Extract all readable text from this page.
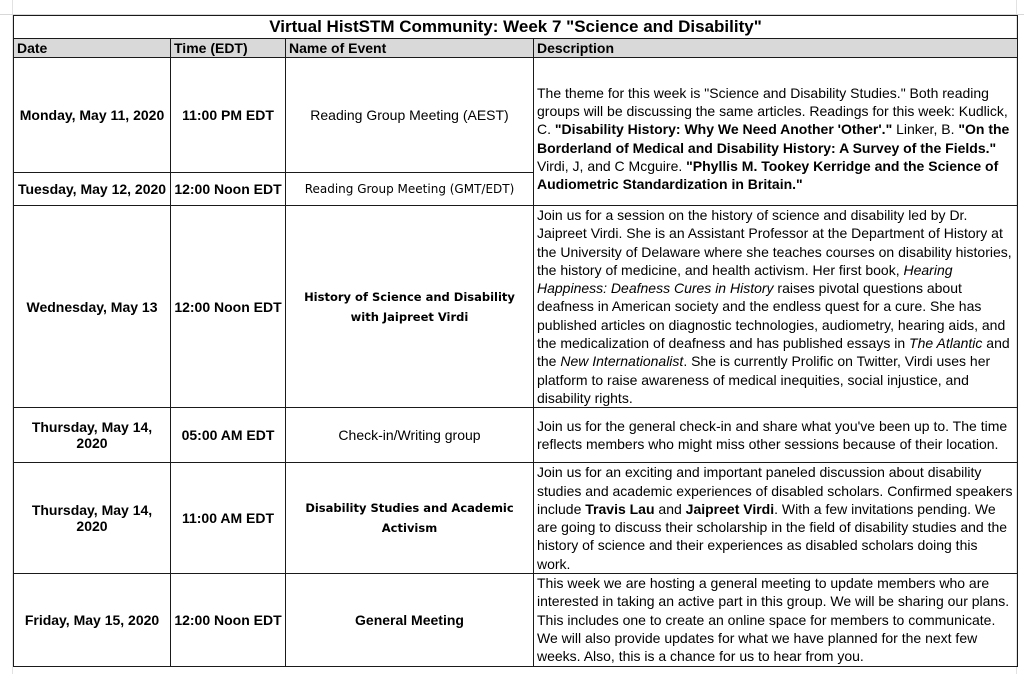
Virtual HistSTM Community: Week 7 "Science and Disability"			
Date	Time (EDT)	Name of Event	Description
Monday, May 11, 2020	11:00 PM EDT	Reading Group Meeting (AEST)	The theme for this week is "Science and Disability Studies." Both reading groups will be discussing the same articles. Readings for this week: Kudlick, C. "Disability History: Why We Need Another 'Other'." Linker, B. "On the Borderland of Medical and Disability History: A Survey of the Fields." Virdi, J, and C Mcguire. "Phyllis M. Tookey Kerridge and the Science of Audiometric Standardization in Britain."
Tuesday, May 12, 2020	12:00 Noon EDT	Reading Group Meeting (GMT/EDT)	
Wednesday, May 13	12:00 Noon EDT	History of Science and Disability with Jaipreet Virdi	Join us for a session on the history of science and disability led by Dr. Jaipreet Virdi. She is an Assistant Professor at the Department of History at the University of Delaware where she teaches courses on disability histories, the history of medicine, and health activism. Her first book, Hearing Happiness: Deafness Cures in History raises pivotal questions about deafness in American society and the endless quest for a cure. She has published articles on diagnostic technologies, audiometry, hearing aids, and the medicalization of deafness and has published essays in The Atlantic and the New Internationalist. She is currently Prolific on Twitter, Virdi uses her platform to raise awareness of medical inequities, social injustice, and disability rights.
Thursday, May 14, 2020	05:00 AM EDT	Check-in/Writing group	Join us for the general check-in and share what you've been up to. The time reflects members who might miss other sessions because of their location.
Thursday, May 14, 2020	11:00 AM EDT	Disability Studies and Academic Activism	Join us for an exciting and important paneled discussion about disability studies and academic experiences of disabled scholars. Confirmed speakers include Travis Lau and Jaipreet Virdi. With a few invitations pending. We are going to discuss their scholarship in the field of disability studies and the history of science and their experiences as disabled scholars doing this work.
Friday, May 15, 2020	12:00 Noon EDT	General Meeting	This week we are hosting a general meeting to update members who are interested in taking an active part in this group. We will be sharing our plans. This includes one to create an online space for members to communicate. We will also provide updates for what we have planned for the next few weeks. Also, this is a chance for us to hear from you.
